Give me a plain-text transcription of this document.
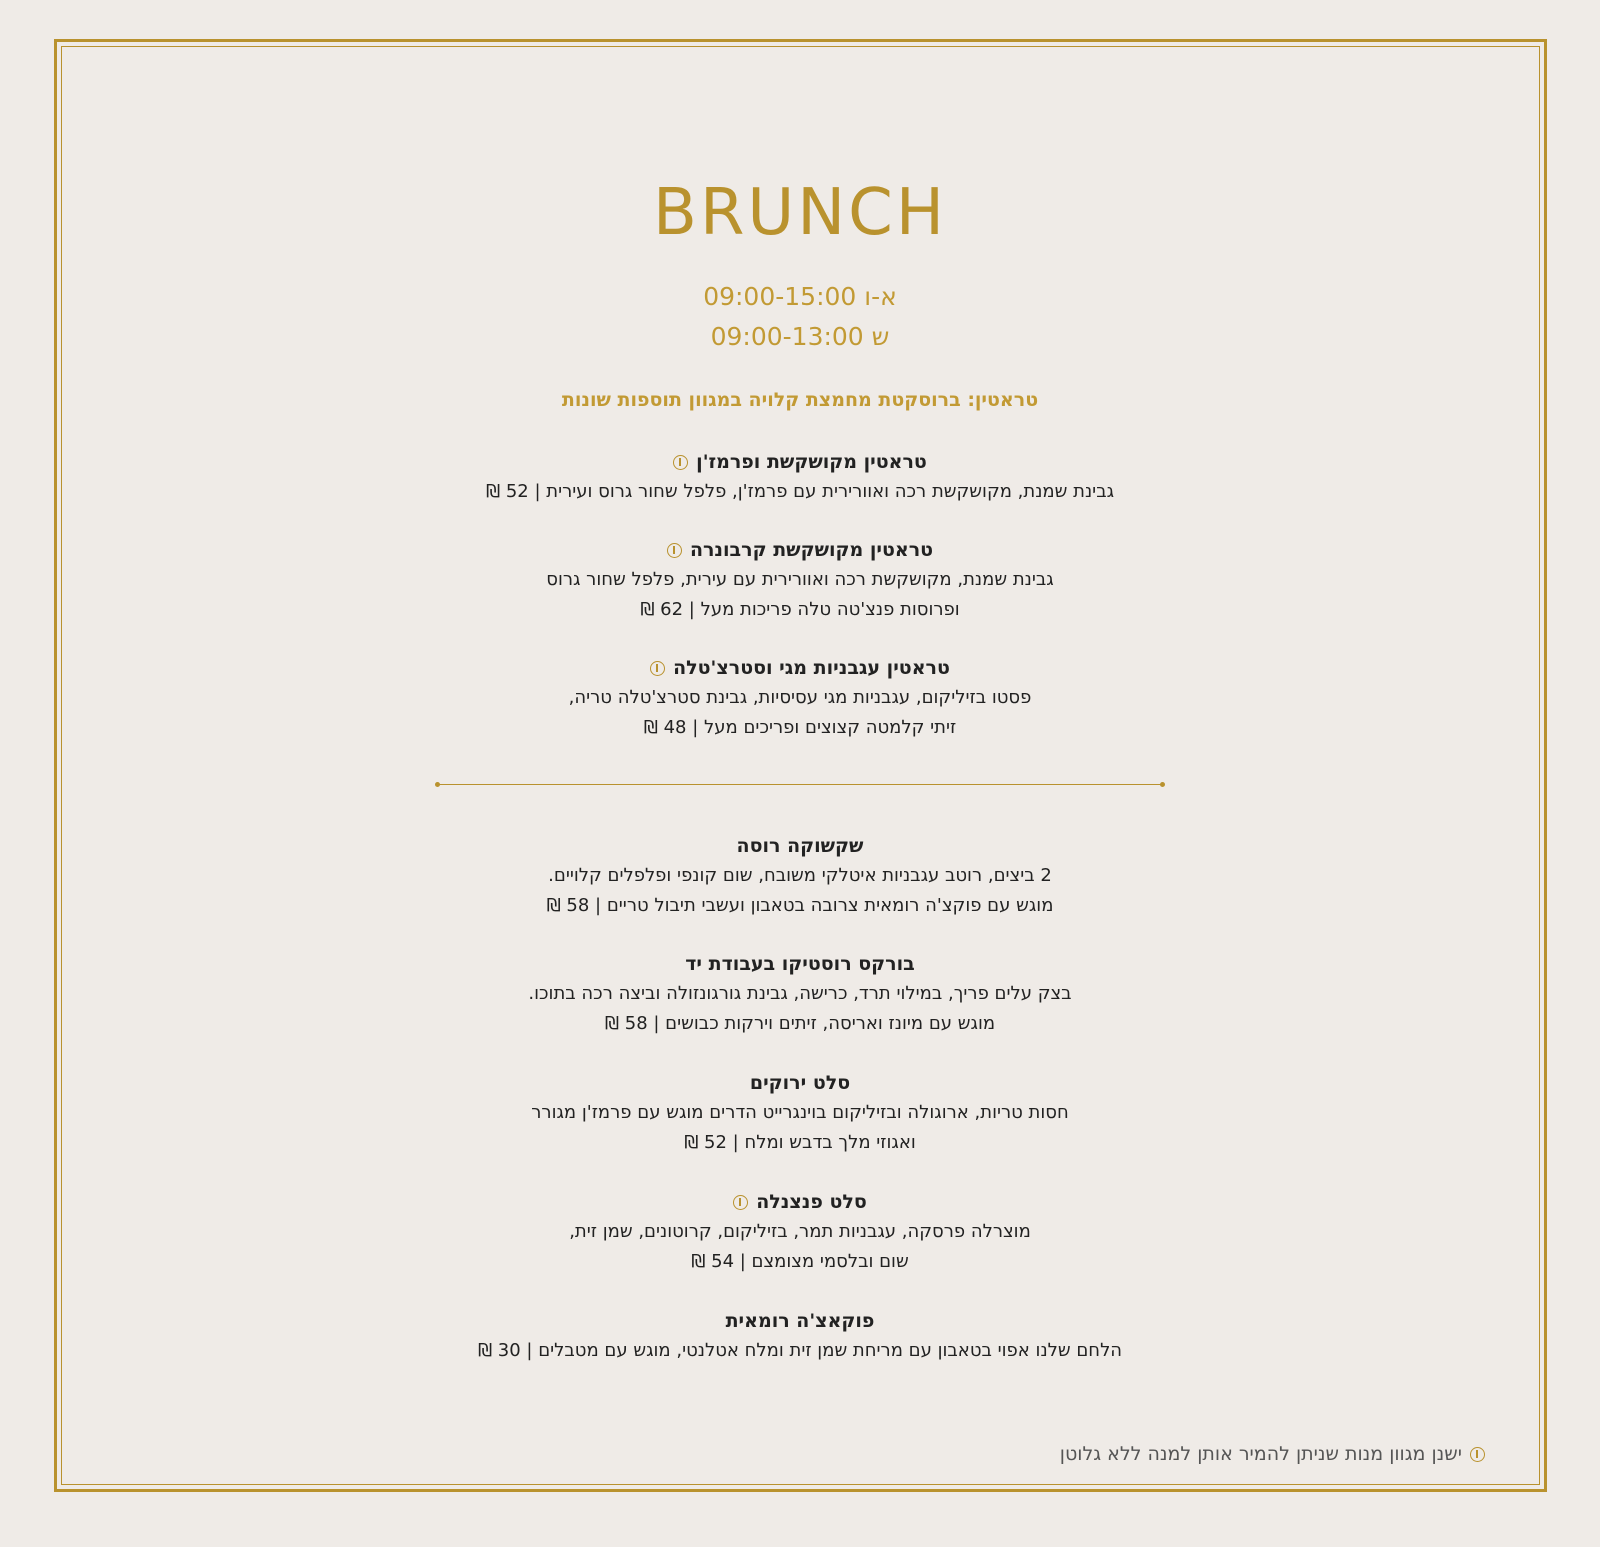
BRUNCH
א-ו 09:00-15:00
ש 09:00-13:00
טראטין: ברוסקטת מחמצת קלויה במגוון תוספות שונות
טראטין מקושקשת ופרמז'ן
גבינת שמנת, מקושקשת רכה ואוורירית עם פרמז'ן, פלפל שחור גרוס ועירית | 52 ₪
טראטין מקושקשת קרבונרה
גבינת שמנת, מקושקשת רכה ואוורירית עם עירית, פלפל שחור גרוס
ופרוסות פנצ'טה טלה פריכות מעל | 62 ₪
טראטין עגבניות מגי וסטרצ'טלה
פסטו בזיליקום, עגבניות מגי עסיסיות, גבינת סטרצ'טלה טריה,
זיתי קלמטה קצוצים ופריכים מעל | 48 ₪
שקשוקה רוסה
2 ביצים, רוטב עגבניות איטלקי משובח, שום קונפי ופלפלים קלויים.
מוגש עם פוקצ'ה רומאית צרובה בטאבון ועשבי תיבול טריים | 58 ₪
בורקס רוסטיקו בעבודת יד
בצק עלים פריך, במילוי תרד, כרישה, גבינת גורגונזולה וביצה רכה בתוכו.
מוגש עם מיונז ואריסה, זיתים וירקות כבושים | 58 ₪
סלט ירוקים
חסות טריות, ארוגולה ובזיליקום בוינגרייט הדרים מוגש עם פרמז'ן מגורר
ואגוזי מלך בדבש ומלח | 52 ₪
סלט פנצנלה
מוצרלה פרסקה, עגבניות תמר, בזיליקום, קרוטונים, שמן זית,
שום ובלסמי מצומצם | 54 ₪
פוקאצ'ה רומאית
הלחם שלנו אפוי בטאבון עם מריחת שמן זית ומלח אטלנטי, מוגש עם מטבלים | 30 ₪
ישנן מגוון מנות שניתן להמיר אותן למנה ללא גלוטן
